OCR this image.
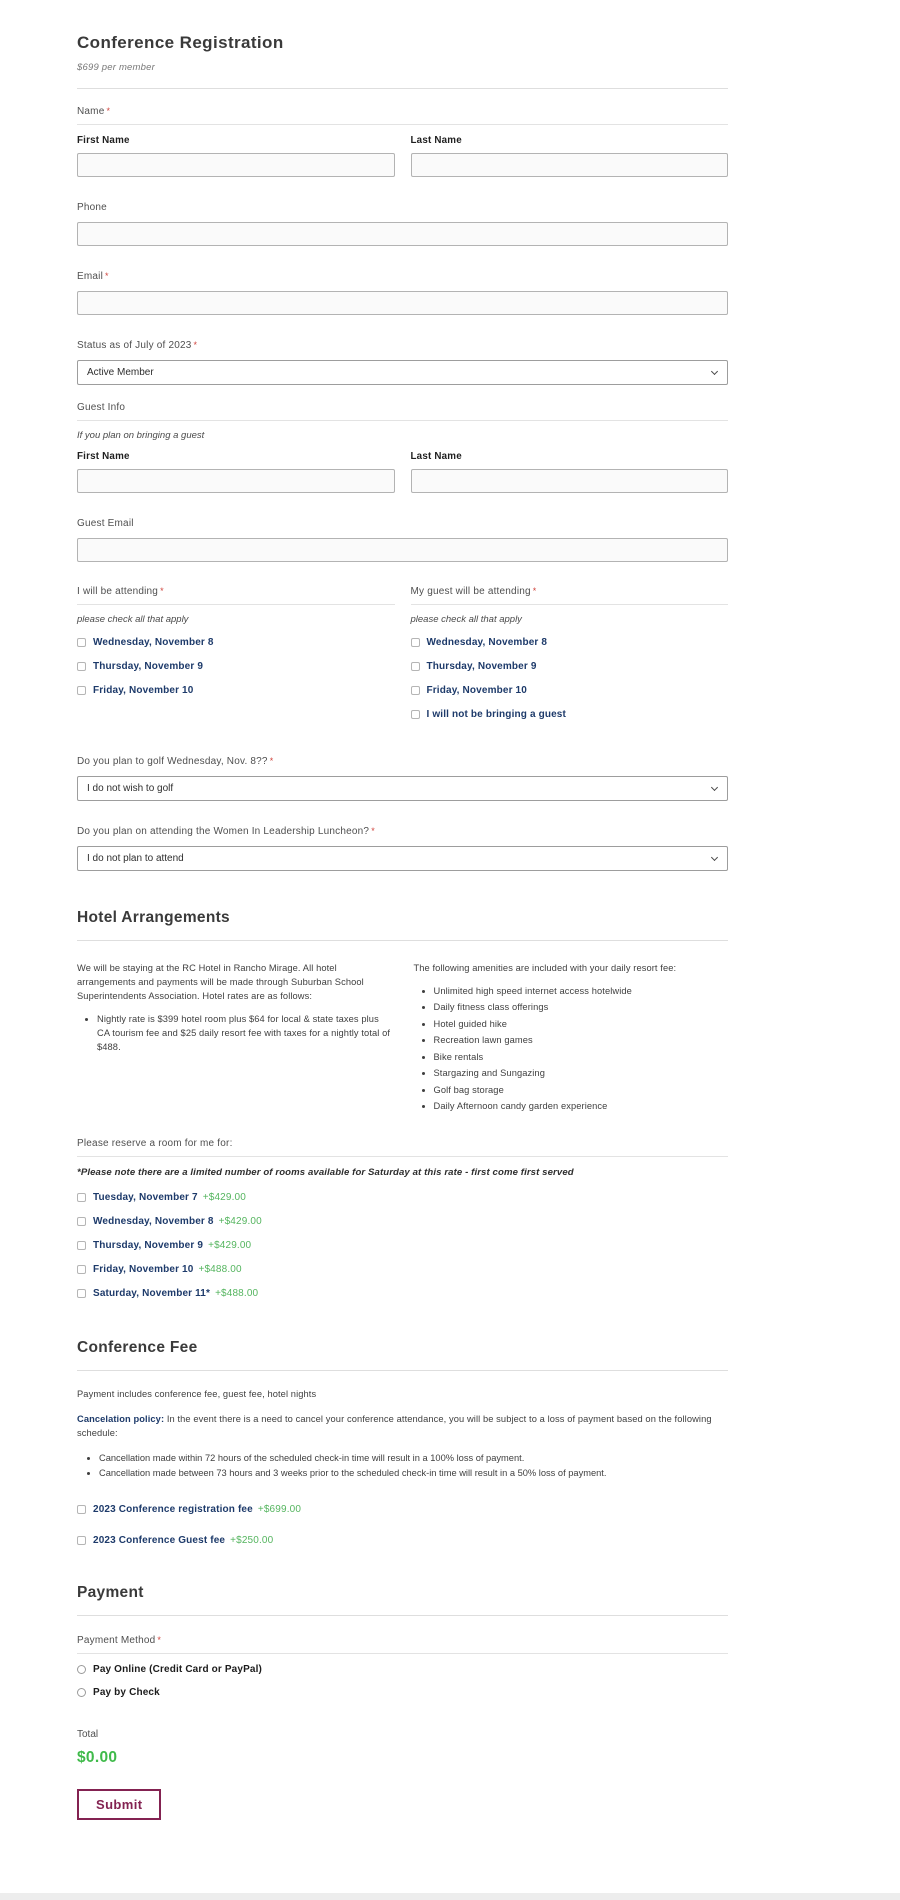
Conference Registration
$699 per member
Name *
First Name	Last Name
Phone
Email *
Status as of July of 2023 *
Active Member
Guest Info
If you plan on bringing a guest
First Name	Last Name
Guest Email
I will be attending *
please check all that apply
Wednesday, November 8
Thursday, November 9
Friday, November 10
My guest will be attending *
please check all that apply
Wednesday, November 8
Thursday, November 9
Friday, November 10
I will not be bringing a guest
Do you plan to golf Wednesday, Nov. 8?? *
I do not wish to golf
Do you plan on attending the Women In Leadership Luncheon? *
I do not plan to attend
Hotel Arrangements

We will be staying at the RC Hotel in Rancho Mirage. All hotel arrangements and payments will be made through Suburban School Superintendents Association. Hotel rates are as follows:

• Nightly rate is $399 hotel room plus $64 for local & state taxes plus CA tourism fee and $25 daily resort fee with taxes for a nightly total of $488.

The following amenities are included with your daily resort fee:

• Unlimited high speed internet access hotelwide
• Daily fitness class offerings
• Hotel guided hike
• Recreation lawn games
• Bike rentals
• Stargazing and Sungazing
• Golf bag storage
• Daily Afternoon candy garden experience
Please reserve a room for me for:
*Please note there are a limited number of rooms available for Saturday at this rate - first come first served
Tuesday, November 7 +$429.00
Wednesday, November 8 +$429.00
Thursday, November 9 +$429.00
Friday, November 10 +$488.00
Saturday, November 11* +$488.00
Conference Fee

Payment includes conference fee, guest fee, hotel nights

Cancelation policy: In the event there is a need to cancel your conference attendance, you will be subject to a loss of payment based on the following schedule:

• Cancellation made within 72 hours of the scheduled check-in time will result in a 100% loss of payment.
• Cancellation made between 73 hours and 3 weeks prior to the scheduled check-in time will result in a 50% loss of payment.
2023 Conference registration fee +$699.00
2023 Conference Guest fee +$250.00
Payment
Payment Method *
Pay Online (Credit Card or PayPal)
Pay by Check
Total
$0.00
Submit
